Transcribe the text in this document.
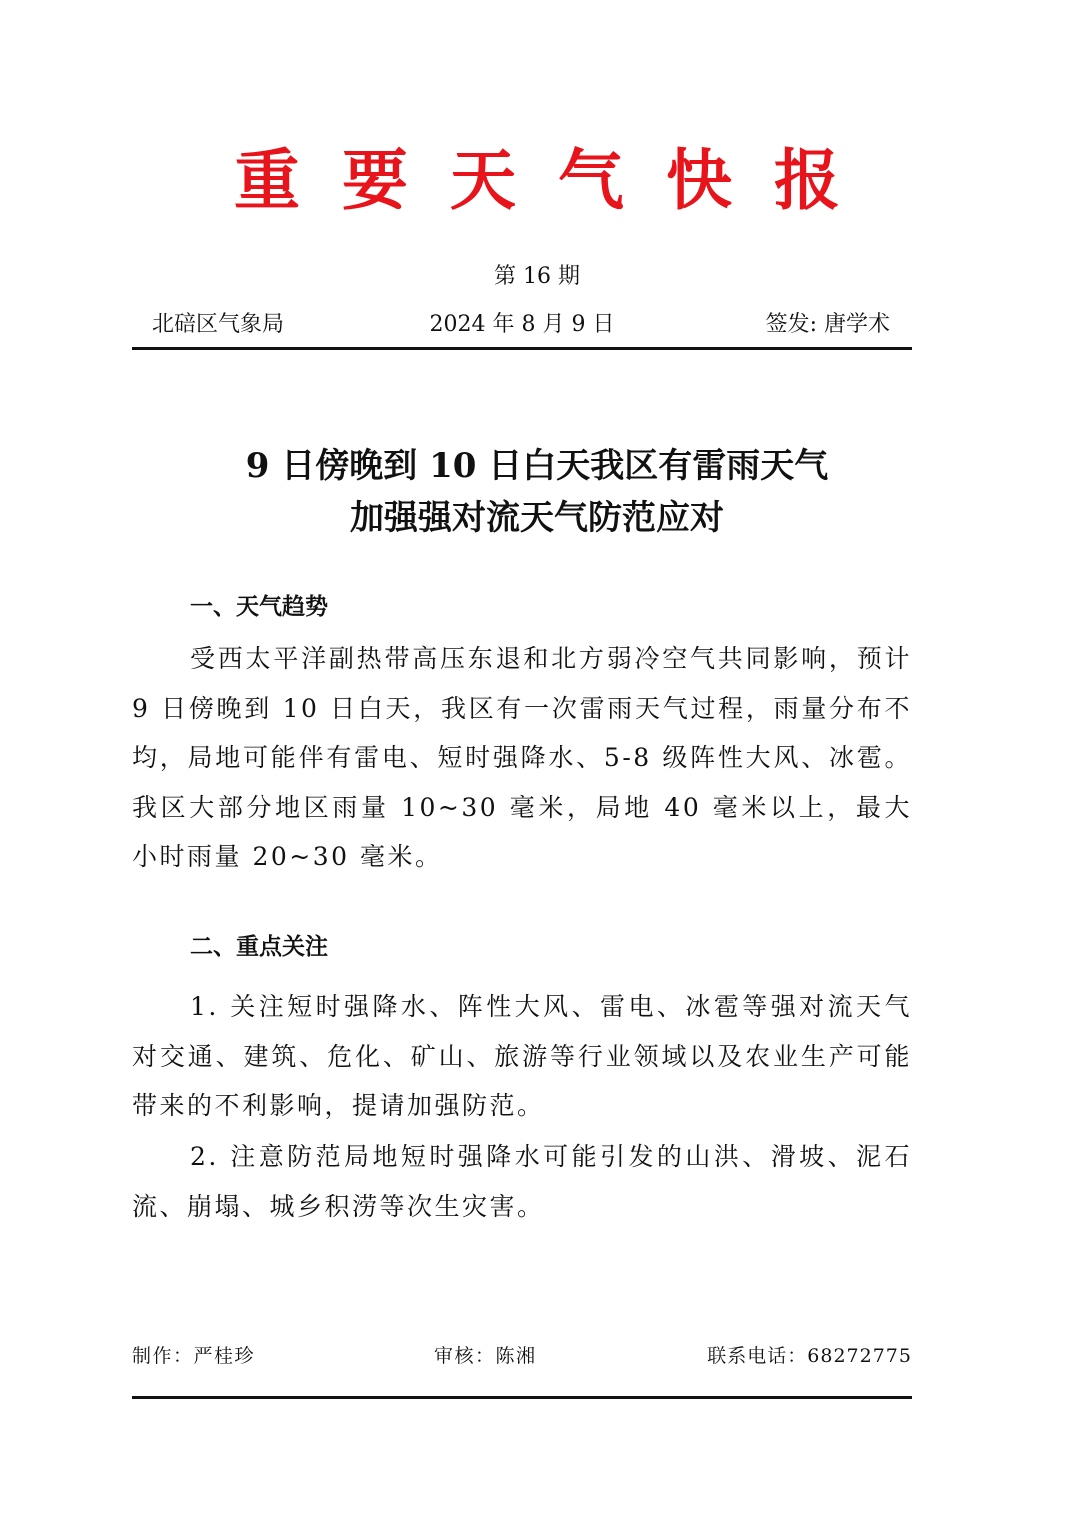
重要天气快报
第 16 期
北碚区气象局	2024 年 8 月 9 日	签发: 唐学术
9 日傍晚到 10 日白天我区有雷雨天气
加强强对流天气防范应对
一、天气趋势
受西太平洋副热带高压东退和北方弱冷空气共同影响，预计 9 日傍晚到 10 日白天，我区有一次雷雨天气过程，雨量分布不均，局地可能伴有雷电、短时强降水、5-8 级阵性大风、冰雹。我区大部分地区雨量 10~30 毫米，局地 40 毫米以上，最大小时雨量 20~30 毫米。
二、重点关注
1. 关注短时强降水、阵性大风、雷电、冰雹等强对流天气对交通、建筑、危化、矿山、旅游等行业领域以及农业生产可能带来的不利影响，提请加强防范。
2. 注意防范局地短时强降水可能引发的山洪、滑坡、泥石流、崩塌、城乡积涝等次生灾害。
制作：严桂珍	审核：陈湘	联系电话：68272775
